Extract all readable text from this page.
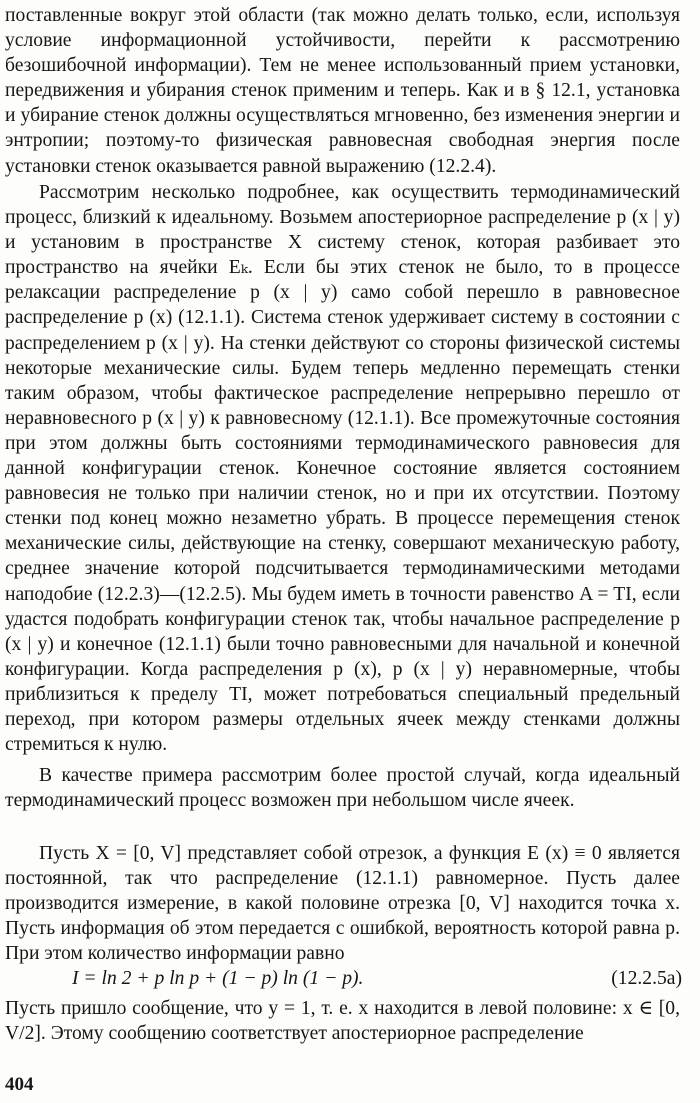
поставленные вокруг этой области (так можно делать только, если, используя условие информационной устойчивости, перейти к рассмотрению безошибочной информации). Тем не менее использованный прием установки, передвижения и убирания стенок применим и теперь. Как и в § 12.1, установка и убирание стенок должны осуществляться мгновенно, без изменения энергии и энтропии; поэтому-то физическая равновесная свободная энергия после установки стенок оказывается равной выражению (12.2.4).

Рассмотрим несколько подробнее, как осуществить термодинамический процесс, близкий к идеальному. Возьмем апостериорное распределение p (x | y) и установим в пространстве X систему стенок, которая разбивает это пространство на ячейки Eₖ. Если бы этих стенок не было, то в процессе релаксации распределение p (x | y) само собой перешло в равновесное распределение p (x) (12.1.1). Система стенок удерживает систему в состоянии с распределением p (x | y). На стенки действуют со стороны физической системы некоторые механические силы. Будем теперь медленно перемещать стенки таким образом, чтобы фактическое распределение непрерывно перешло от неравновесного p (x | y) к равновесному (12.1.1). Все промежуточные состояния при этом должны быть состояниями термодинамического равновесия для данной конфигурации стенок. Конечное состояние является состоянием равновесия не только при наличии стенок, но и при их отсутствии. Поэтому стенки под конец можно незаметно убрать. В процессе перемещения стенок механические силы, действующие на стенку, совершают механическую работу, среднее значение которой подсчитывается термодинамическими методами наподобие (12.2.3)—(12.2.5). Мы будем иметь в точности равенство A = TI, если удастся подобрать конфигурации стенок так, чтобы начальное распределение p (x | y) и конечное (12.1.1) были точно равновесными для начальной и конечной конфигурации. Когда распределения p (x), p (x | y) неравномерные, чтобы приблизиться к пределу TI, может потребоваться специальный предельный переход, при котором размеры отдельных ячеек между стенками должны стремиться к нулю.

В качестве примера рассмотрим более простой случай, когда идеальный термодинамический процесс возможен при небольшом числе ячеек.

Пусть X = [0, V] представляет собой отрезок, а функция E (x) ≡ 0 является постоянной, так что распределение (12.1.1) равномерное. Пусть далее производится измерение, в какой половине отрезка [0, V] находится точка x. Пусть информация об этом передается с ошибкой, вероятность которой равна p. При этом количество информации равно

I = ln 2 + p ln p + (1 − p) ln (1 − p).	(12.2.5a)

Пусть пришло сообщение, что y = 1, т. е. x находится в левой половине: x ∈ [0, V/2]. Этому сообщению соответствует апостериорное распределение

404
